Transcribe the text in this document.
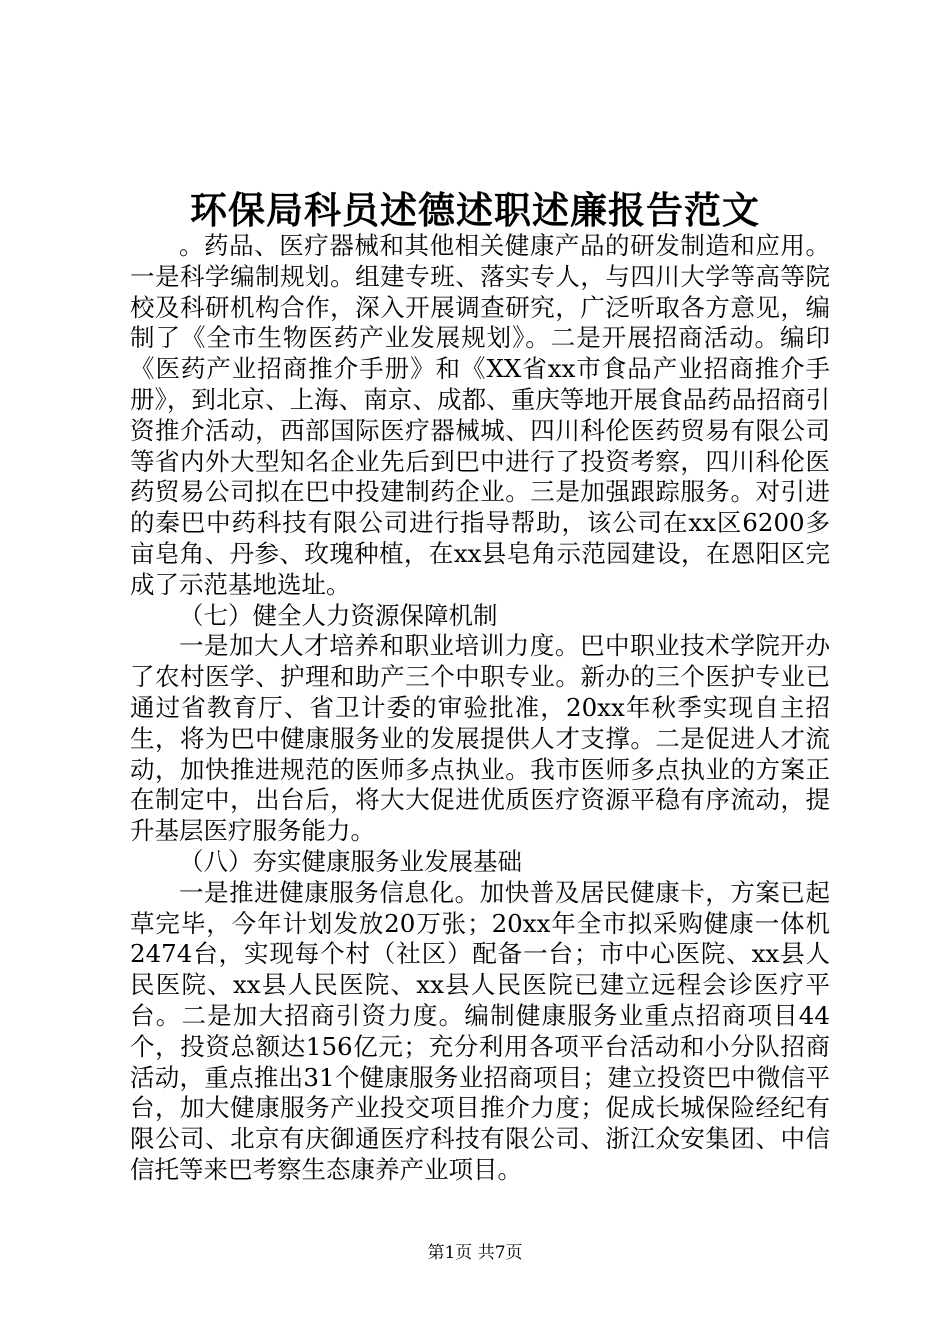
环保局科员述德述职述廉报告范文

。药品、医疗器械和其他相关健康产品的研发制造和应用。一是科学编制规划。组建专班、落实专人，与四川大学等高等院校及科研机构合作，深入开展调查研究，广泛听取各方意见，编制了《全市生物医药产业发展规划》。二是开展招商活动。编印《医药产业招商推介手册》和《XX省xx市食品产业招商推介手册》，到北京、上海、南京、成都、重庆等地开展食品药品招商引资推介活动，西部国际医疗器械城、四川科伦医药贸易有限公司等省内外大型知名企业先后到巴中进行了投资考察，四川科伦医药贸易公司拟在巴中投建制药企业。三是加强跟踪服务。对引进的秦巴中药科技有限公司进行指导帮助，该公司在xx区6200多亩皂角、丹参、玫瑰种植，在xx县皂角示范园建设，在恩阳区完成了示范基地选址。

（七）健全人力资源保障机制

一是加大人才培养和职业培训力度。巴中职业技术学院开办了农村医学、护理和助产三个中职专业。新办的三个医护专业已通过省教育厅、省卫计委的审验批准，20xx年秋季实现自主招生，将为巴中健康服务业的发展提供人才支撑。二是促进人才流动，加快推进规范的医师多点执业。我市医师多点执业的方案正在制定中，出台后，将大大促进优质医疗资源平稳有序流动，提升基层医疗服务能力。

（八）夯实健康服务业发展基础

一是推进健康服务信息化。加快普及居民健康卡，方案已起草完毕，今年计划发放20万张；20xx年全市拟采购健康一体机2474台，实现每个村（社区）配备一台；市中心医院、xx县人民医院、xx县人民医院、xx县人民医院已建立远程会诊医疗平台。二是加大招商引资力度。编制健康服务业重点招商项目44个，投资总额达156亿元；充分利用各项平台活动和小分队招商活动，重点推出31个健康服务业招商项目；建立投资巴中微信平台，加大健康服务产业投交项目推介力度；促成长城保险经纪有限公司、北京有庆御通医疗科技有限公司、浙江众安集团、中信信托等来巴考察生态康养产业项目。

第1页 共7页
